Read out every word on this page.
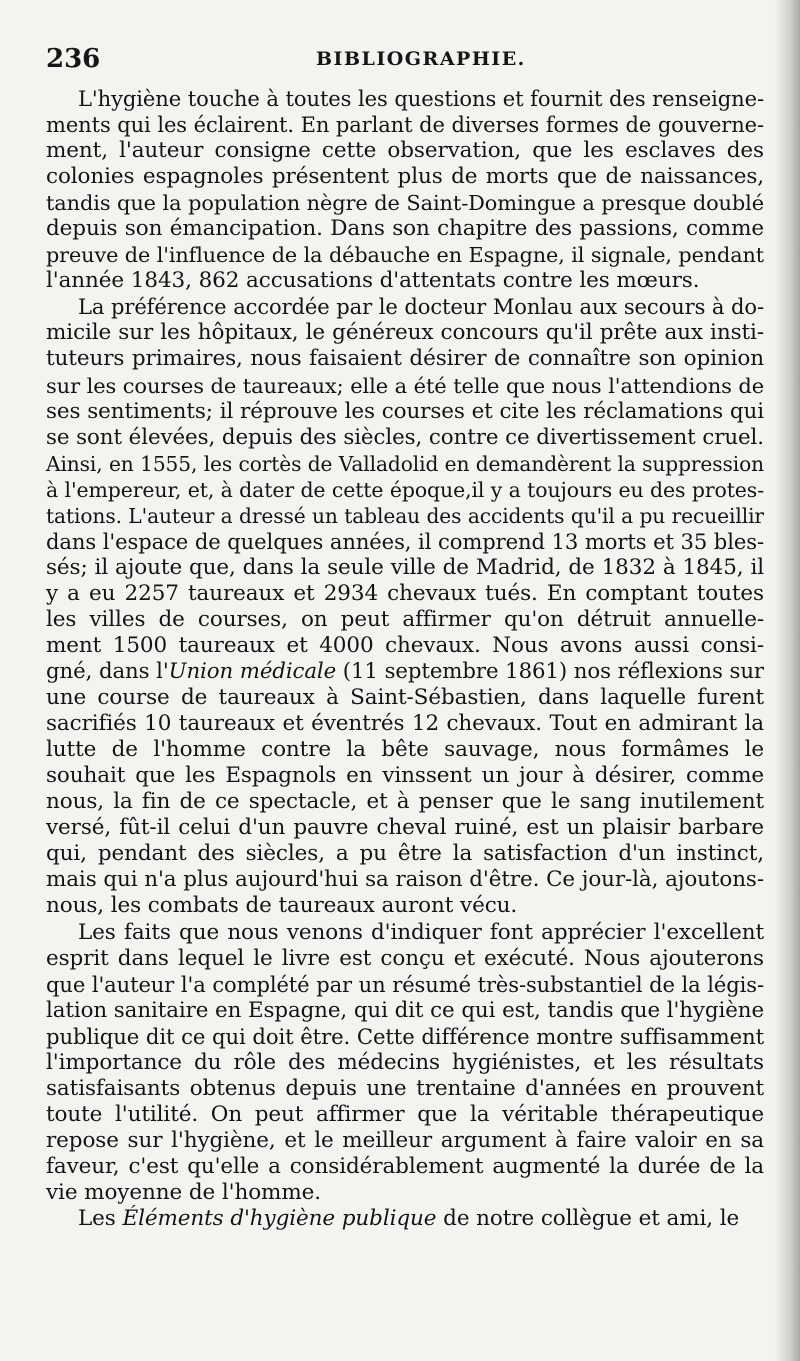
236	BIBLIOGRAPHIE.
L'hygiène touche à toutes les questions et fournit des renseigne-
ments qui les éclairent. En parlant de diverses formes de gouverne-
ment, l'auteur consigne cette observation, que les esclaves des
colonies espagnoles présentent plus de morts que de naissances,
tandis que la population nègre de Saint-Domingue a presque doublé
depuis son émancipation. Dans son chapitre des passions, comme
preuve de l'influence de la débauche en Espagne, il signale, pendant
l'année 1843, 862 accusations d'attentats contre les mœurs.
La préférence accordée par le docteur Monlau aux secours à do-
micile sur les hôpitaux, le généreux concours qu'il prête aux insti-
tuteurs primaires, nous faisaient désirer de connaître son opinion
sur les courses de taureaux; elle a été telle que nous l'attendions de
ses sentiments; il réprouve les courses et cite les réclamations qui
se sont élevées, depuis des siècles, contre ce divertissement cruel.
Ainsi, en 1555, les cortès de Valladolid en demandèrent la suppression
à l'empereur, et, à dater de cette époque,il y a toujours eu des protes-
tations. L'auteur a dressé un tableau des accidents qu'il a pu recueillir
dans l'espace de quelques années, il comprend 13 morts et 35 bles-
sés; il ajoute que, dans la seule ville de Madrid, de 1832 à 1845, il
y a eu 2257 taureaux et 2934 chevaux tués. En comptant toutes
les villes de courses, on peut affirmer qu'on détruit annuelle-
ment 1500 taureaux et 4000 chevaux. Nous avons aussi consi-
gné, dans l'Union médicale (11 septembre 1861) nos réflexions sur
une course de taureaux à Saint-Sébastien, dans laquelle furent
sacrifiés 10 taureaux et éventrés 12 chevaux. Tout en admirant la
lutte de l'homme contre la bête sauvage, nous formâmes le
souhait que les Espagnols en vinssent un jour à désirer, comme
nous, la fin de ce spectacle, et à penser que le sang inutilement
versé, fût-il celui d'un pauvre cheval ruiné, est un plaisir barbare
qui, pendant des siècles, a pu être la satisfaction d'un instinct,
mais qui n'a plus aujourd'hui sa raison d'être. Ce jour-là, ajoutons-
nous, les combats de taureaux auront vécu.
Les faits que nous venons d'indiquer font apprécier l'excellent
esprit dans lequel le livre est conçu et exécuté. Nous ajouterons
que l'auteur l'a complété par un résumé très-substantiel de la légis-
lation sanitaire en Espagne, qui dit ce qui est, tandis que l'hygiène
publique dit ce qui doit être. Cette différence montre suffisamment
l'importance du rôle des médecins hygiénistes, et les résultats
satisfaisants obtenus depuis une trentaine d'années en prouvent
toute l'utilité. On peut affirmer que la véritable thérapeutique
repose sur l'hygiène, et le meilleur argument à faire valoir en sa
faveur, c'est qu'elle a considérablement augmenté la durée de la
vie moyenne de l'homme.
Les Éléments d'hygiène publique de notre collègue et ami, le
